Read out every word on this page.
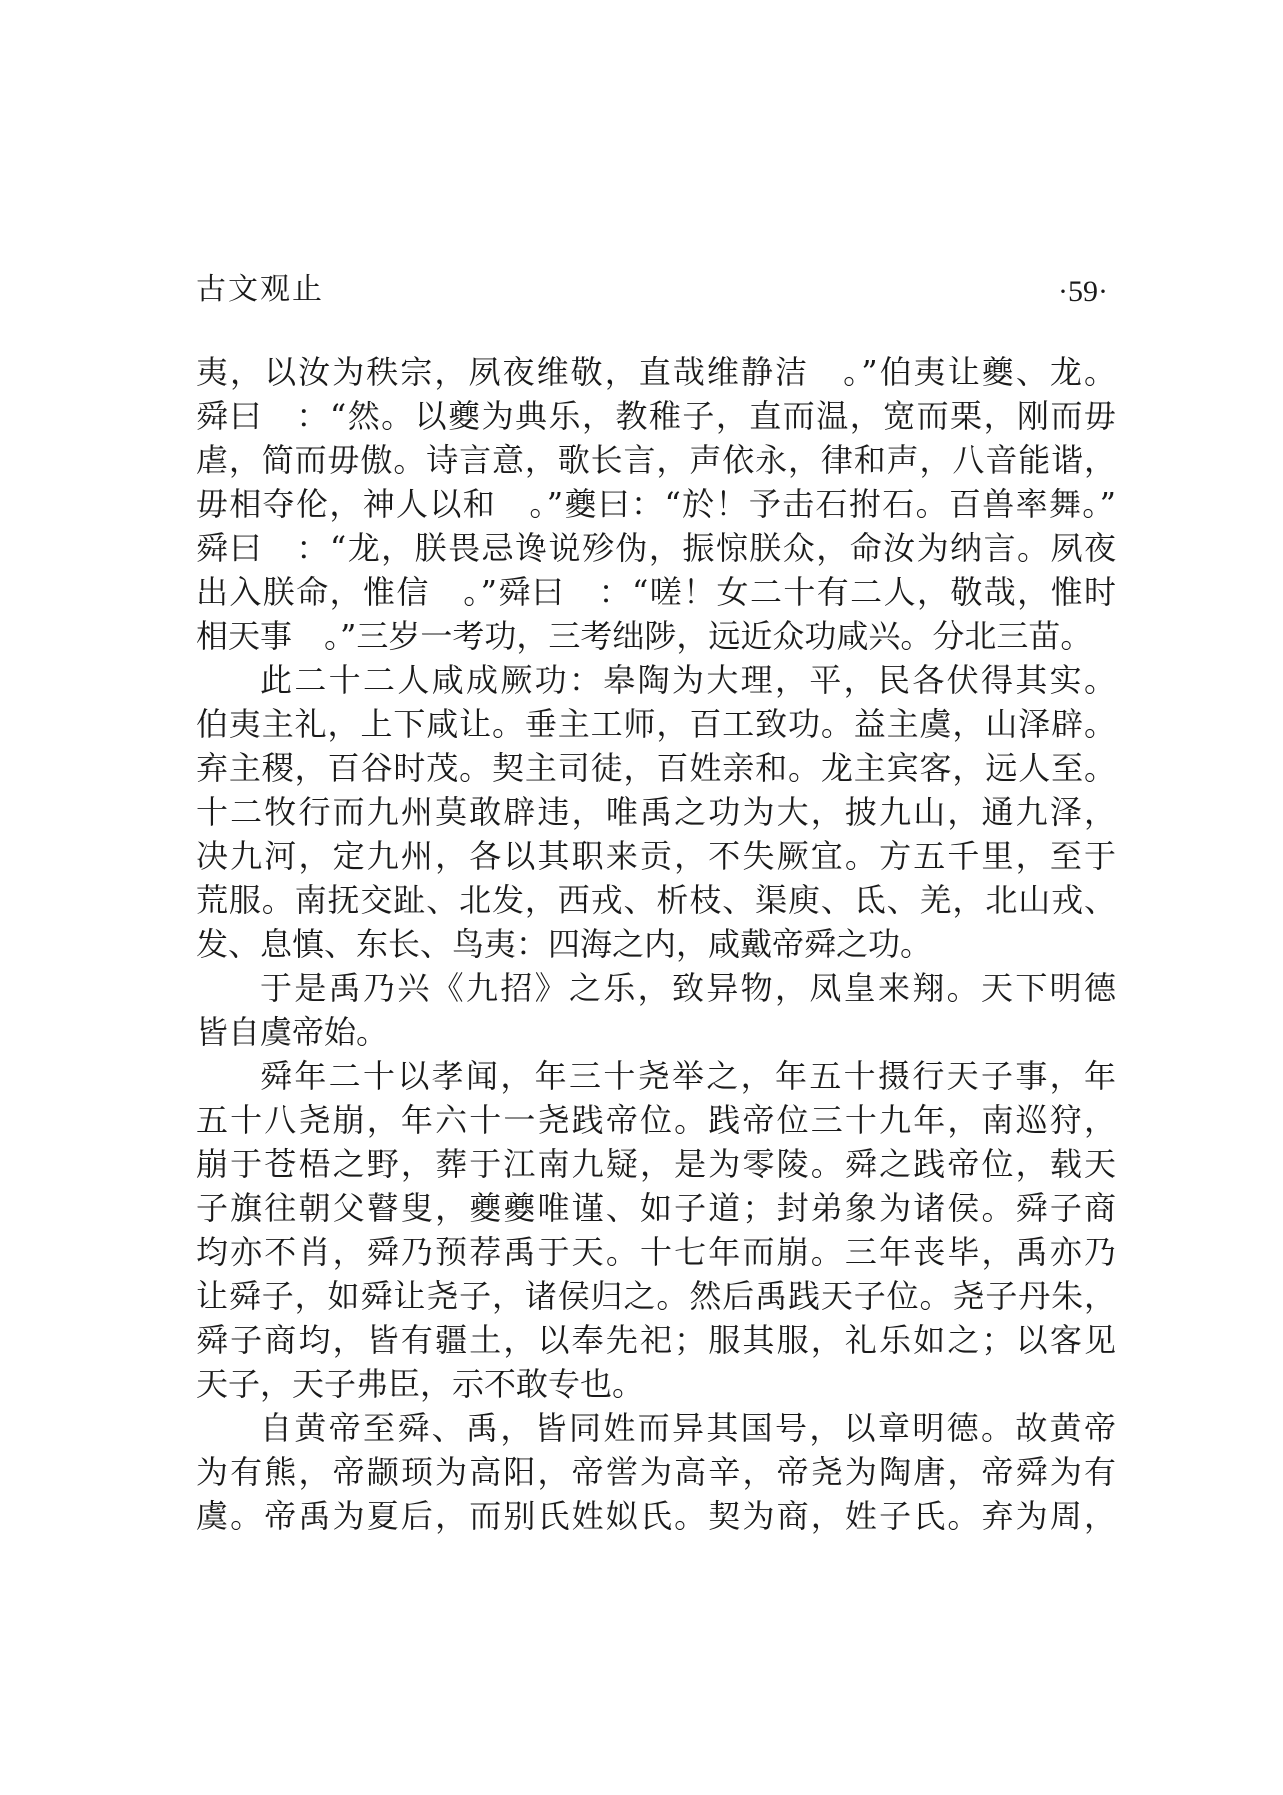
古文观止	·59·
夷，以汝为秩宗，夙夜维敬，直哉维静洁　。”伯夷让夔、龙。
舜曰　：“然。以夔为典乐，教稚子，直而温，宽而栗，刚而毋
虐，简而毋傲。诗言意，歌长言，声依永，律和声，八音能谐，
毋相夺伦，神人以和　。”夔曰：“於！予击石拊石。百兽率舞。”
舜曰　：“龙，朕畏忌谗说殄伪，振惊朕众，命汝为纳言。夙夜
出入朕命，惟信　。”舜曰　：“嗟！女二十有二人，敬哉，惟时
相天事　。”三岁一考功，三考绌陟，远近众功咸兴。分北三苗。
此二十二人咸成厥功：皋陶为大理，平，民各伏得其实。
伯夷主礼，上下咸让。垂主工师，百工致功。益主虞，山泽辟。
弃主稷，百谷时茂。契主司徒，百姓亲和。龙主宾客，远人至。
十二牧行而九州莫敢辟违，唯禹之功为大，披九山，通九泽，
决九河，定九州，各以其职来贡，不失厥宜。方五千里，至于
荒服。南抚交趾、北发，西戎、析枝、渠庾、氐、羌，北山戎、
发、息慎、东长、鸟夷：四海之内，咸戴帝舜之功。
于是禹乃兴《九招》之乐，致异物，凤皇来翔。天下明德
皆自虞帝始。
舜年二十以孝闻，年三十尧举之，年五十摄行天子事，年
五十八尧崩，年六十一尧践帝位。践帝位三十九年，南巡狩，
崩于苍梧之野，葬于江南九疑，是为零陵。舜之践帝位，载天
子旗往朝父瞽叟，夔夔唯谨、如子道；封弟象为诸侯。舜子商
均亦不肖，舜乃预荐禹于天。十七年而崩。三年丧毕，禹亦乃
让舜子，如舜让尧子，诸侯归之。然后禹践天子位。尧子丹朱，
舜子商均，皆有疆土，以奉先祀；服其服，礼乐如之；以客见
天子，天子弗臣，示不敢专也。
自黄帝至舜、禹，皆同姓而异其国号，以章明德。故黄帝
为有熊，帝颛顼为高阳，帝喾为高辛，帝尧为陶唐，帝舜为有
虞。帝禹为夏后，而别氏姓姒氏。契为商，姓子氏。弃为周，
